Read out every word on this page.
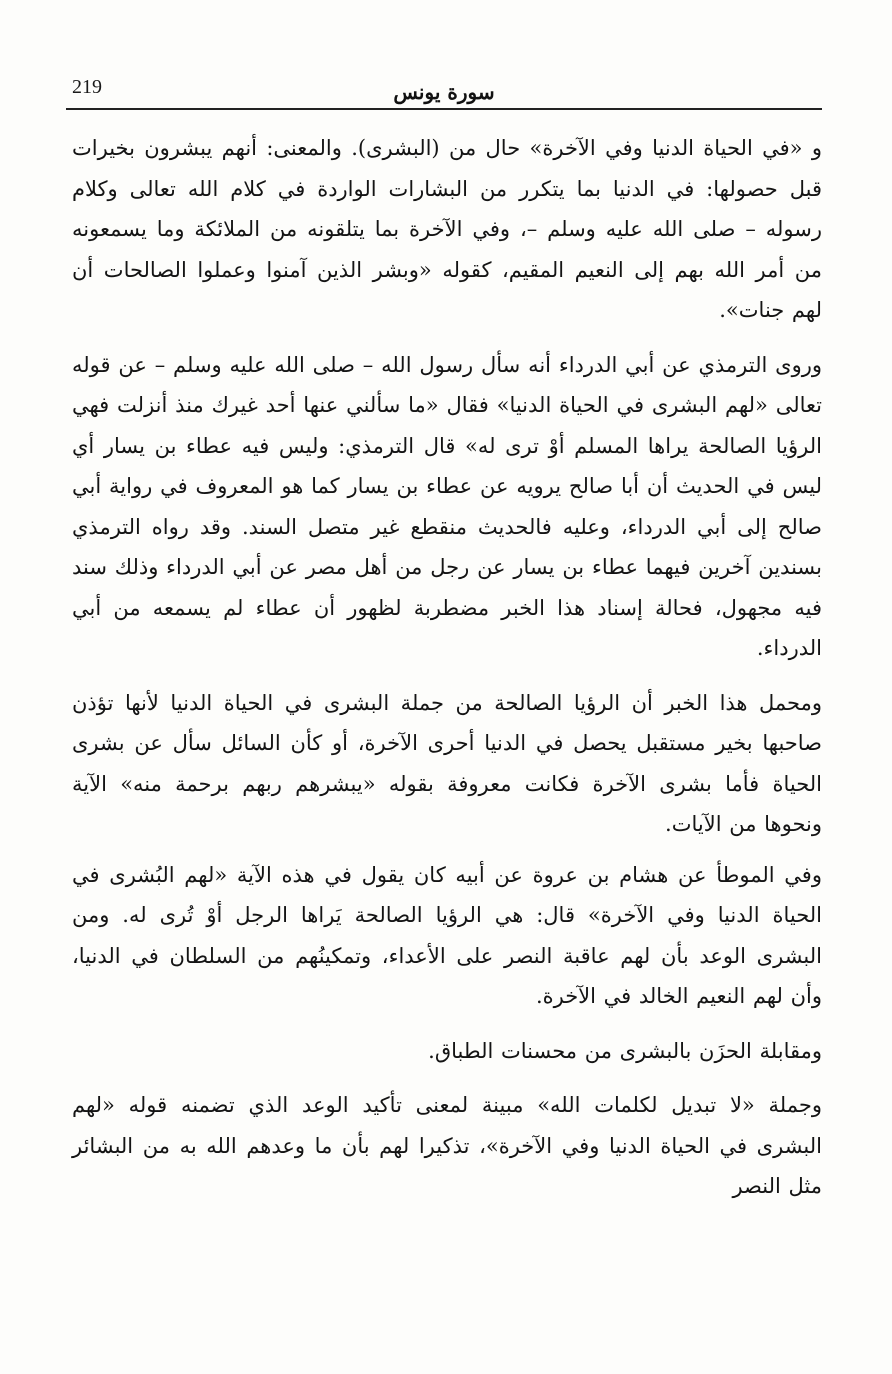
219	سورة يونس

و «في الحياة الدنيا وفي الآخرة» حال من (البشرى). والمعنى: أنهم يبشرون بخيرات قبل حصولها: في الدنيا بما يتكرر من البشارات الواردة في كلام الله تعالى وكلام رسوله – صلى الله عليه وسلم –، وفي الآخرة بما يتلقونه من الملائكة وما يسمعونه من أمر الله بهم إلى النعيم المقيم، كقوله «وبشر الذين آمنوا وعملوا الصالحات أن لهم جنات».

وروى الترمذي عن أبي الدرداء أنه سأل رسول الله – صلى الله عليه وسلم – عن قوله تعالى «لهم البشرى في الحياة الدنيا» فقال «ما سألني عنها أحد غيرك منذ أنزلت فهي الرؤيا الصالحة يراها المسلم أوْ ترى له» قال الترمذي: وليس فيه عطاء بن يسار أي ليس في الحديث أن أبا صالح يرويه عن عطاء بن يسار كما هو المعروف في رواية أبي صالح إلى أبي الدرداء، وعليه فالحديث منقطع غير متصل السند. وقد رواه الترمذي بسندين آخرين فيهما عطاء بن يسار عن رجل من أهل مصر عن أبي الدرداء وذلك سند فيه مجهول، فحالة إسناد هذا الخبر مضطربة لظهور أن عطاء لم يسمعه من أبي الدرداء.

ومحمل هذا الخبر أن الرؤيا الصالحة من جملة البشرى في الحياة الدنيا لأنها تؤذن صاحبها بخير مستقبل يحصل في الدنيا أحرى الآخرة، أو كأن السائل سأل عن بشرى الحياة فأما بشرى الآخرة فكانت معروفة بقوله «يبشرهم ربهم برحمة منه» الآية ونحوها من الآيات.

وفي الموطأ عن هشام بن عروة عن أبيه كان يقول في هذه الآية «لهم البُشرى في الحياة الدنيا وفي الآخرة» قال: هي الرؤيا الصالحة يَراها الرجل أوْ تُرى له. ومن البشرى الوعد بأن لهم عاقبة النصر على الأعداء، وتمكينُهم من السلطان في الدنيا، وأن لهم النعيم الخالد في الآخرة.

ومقابلة الحزَن بالبشرى من محسنات الطباق.

وجملة «لا تبديل لكلمات الله» مبينة لمعنى تأكيد الوعد الذي تضمنه قوله «لهم البشرى في الحياة الدنيا وفي الآخرة»، تذكيرا لهم بأن ما وعدهم الله به من البشائر مثل النصر
